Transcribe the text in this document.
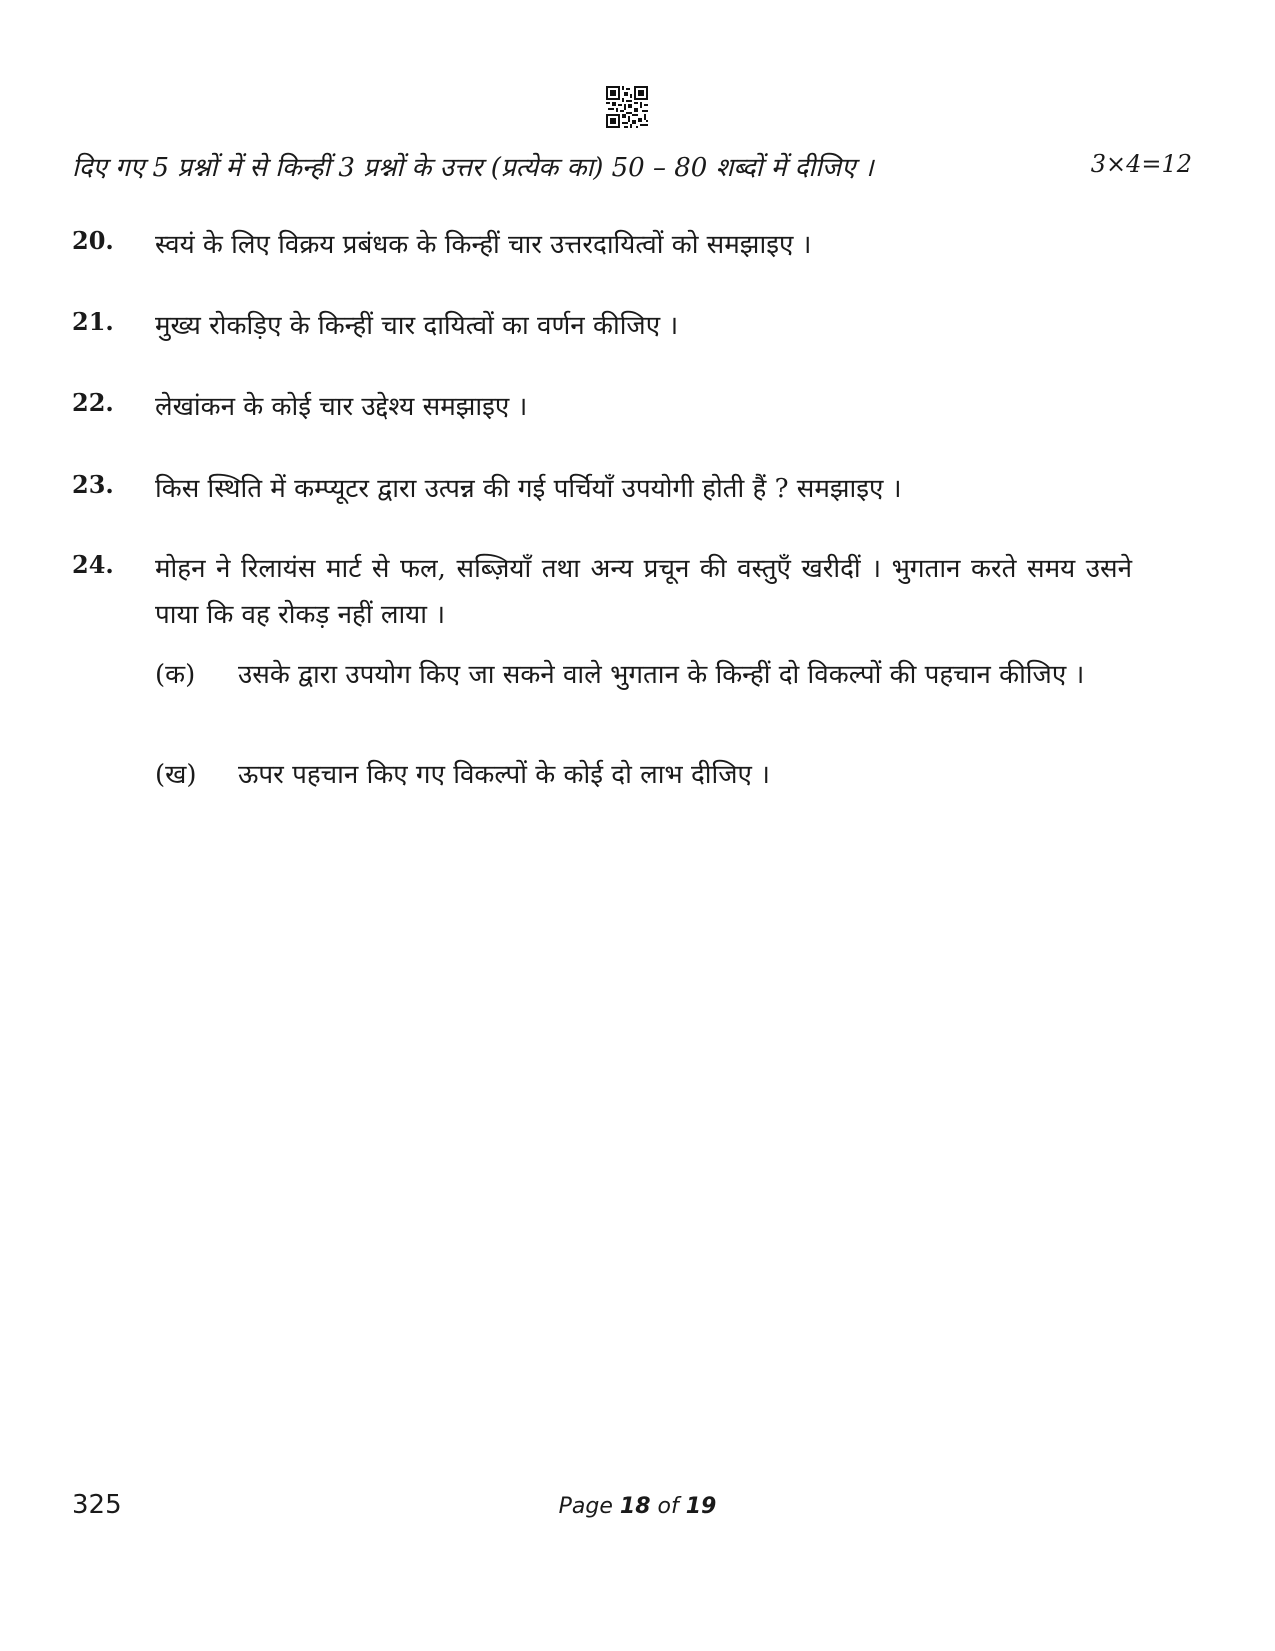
दिए गए 5 प्रश्नों में से किन्हीं 3 प्रश्नों के उत्तर (प्रत्येक का) 50 – 80 शब्दों में दीजिए ।	3×4=12
20. स्वयं के लिए विक्रय प्रबंधक के किन्हीं चार उत्तरदायित्वों को समझाइए ।
21. मुख्य रोकड़िए के किन्हीं चार दायित्वों का वर्णन कीजिए ।
22. लेखांकन के कोई चार उद्देश्य समझाइए ।
23. किस स्थिति में कम्प्यूटर द्वारा उत्पन्न की गई पर्चियाँ उपयोगी होती हैं ? समझाइए ।
24. मोहन ने रिलायंस मार्ट से फल, सब्ज़ियाँ तथा अन्य प्रचून की वस्तुएँ खरीदीं । भुगतान करते समय उसने पाया कि वह रोकड़ नहीं लाया ।
(क) उसके द्वारा उपयोग किए जा सकने वाले भुगतान के किन्हीं दो विकल्पों की पहचान कीजिए ।
(ख) ऊपर पहचान किए गए विकल्पों के कोई दो लाभ दीजिए ।
325	Page 18 of 19
